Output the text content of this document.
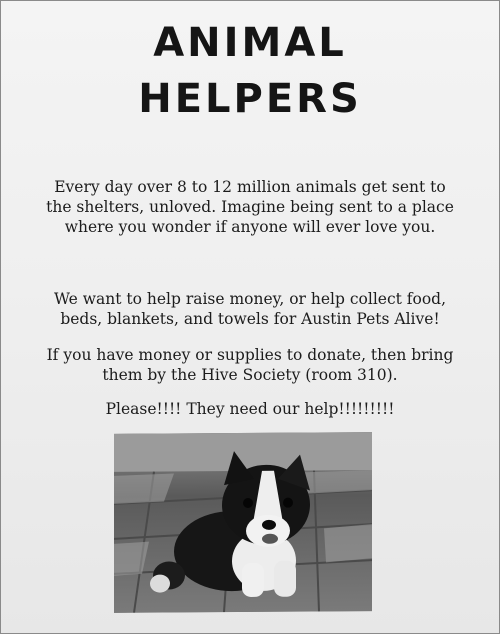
ANIMAL
HELPERS

Every day over 8 to 12 million animals get sent to the shelters, unloved. Imagine being sent to a place where you wonder if anyone will ever love you.

We want to help raise money, or help collect food, beds, blankets, and towels for Austin Pets Alive!

If you have money or supplies to donate, then bring them by the Hive Society (room 310).

Please!!!! They need our help!!!!!!!!!
